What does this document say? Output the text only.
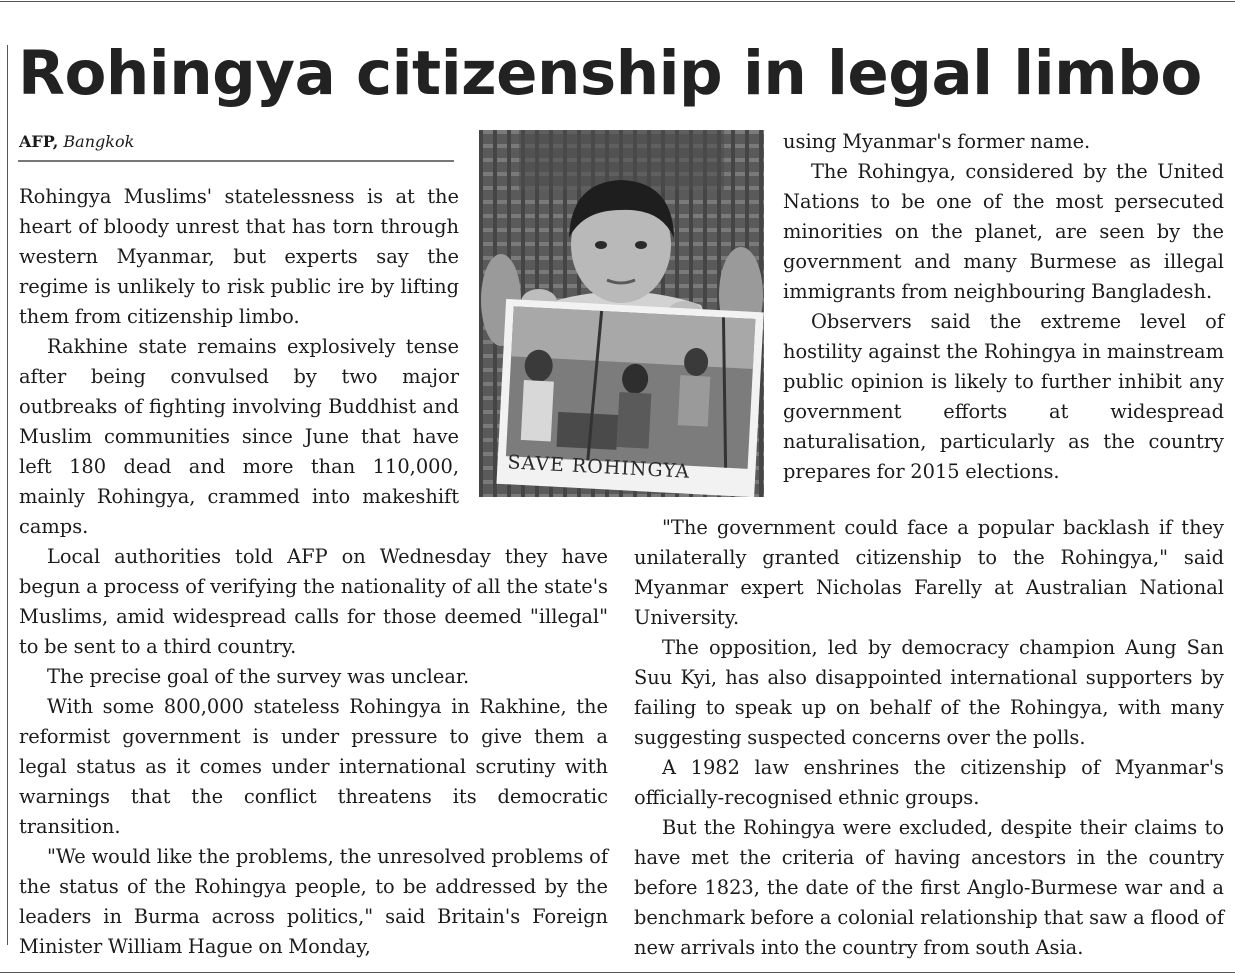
Rohingya citizenship in legal limbo
AFP, Bangkok
SAVE ROHINGYA

Rohingya Muslims' statelessness is at the heart of bloody unrest that has torn through western Myanmar, but experts say the regime is unlikely to risk public ire by lifting them from citizenship limbo.

Rakhine state remains explosively tense after being convulsed by two major outbreaks of fighting involving Buddhist and Muslim communities since June that have left 180 dead and more than 110,000, mainly Rohingya, crammed into makeshift camps.

Local authorities told AFP on Wednesday they have begun a process of verifying the nationality of all the state's Muslims, amid widespread calls for those deemed "illegal" to be sent to a third country.

The precise goal of the survey was unclear.

With some 800,000 stateless Rohingya in Rakhine, the reformist government is under pressure to give them a legal status as it comes under international scrutiny with warnings that the conflict threatens its democratic transition.

"We would like the problems, the unresolved problems of the status of the Rohingya people, to be addressed by the leaders in Burma across politics," said Britain's Foreign Minister William Hague on Monday,

using Myanmar's former name.

The Rohingya, considered by the United Nations to be one of the most persecuted minorities on the planet, are seen by the government and many Burmese as illegal immigrants from neighbouring Bangladesh.

Observers said the extreme level of hostility against the Rohingya in mainstream public opinion is likely to further inhibit any government efforts at widespread naturalisation, particularly as the country prepares for 2015 elections.

"The government could face a popular backlash if they unilaterally granted citizenship to the Rohingya," said Myanmar expert Nicholas Farelly at Australian National University.

The opposition, led by democracy champion Aung San Suu Kyi, has also disappointed international supporters by failing to speak up on behalf of the Rohingya, with many suggesting suspected concerns over the polls.

A 1982 law enshrines the citizenship of Myanmar's officially-recognised ethnic groups.

But the Rohingya were excluded, despite their claims to have met the criteria of having ancestors in the country before 1823, the date of the first Anglo-Burmese war and a benchmark before a colonial relationship that saw a flood of new arrivals into the country from south Asia.
